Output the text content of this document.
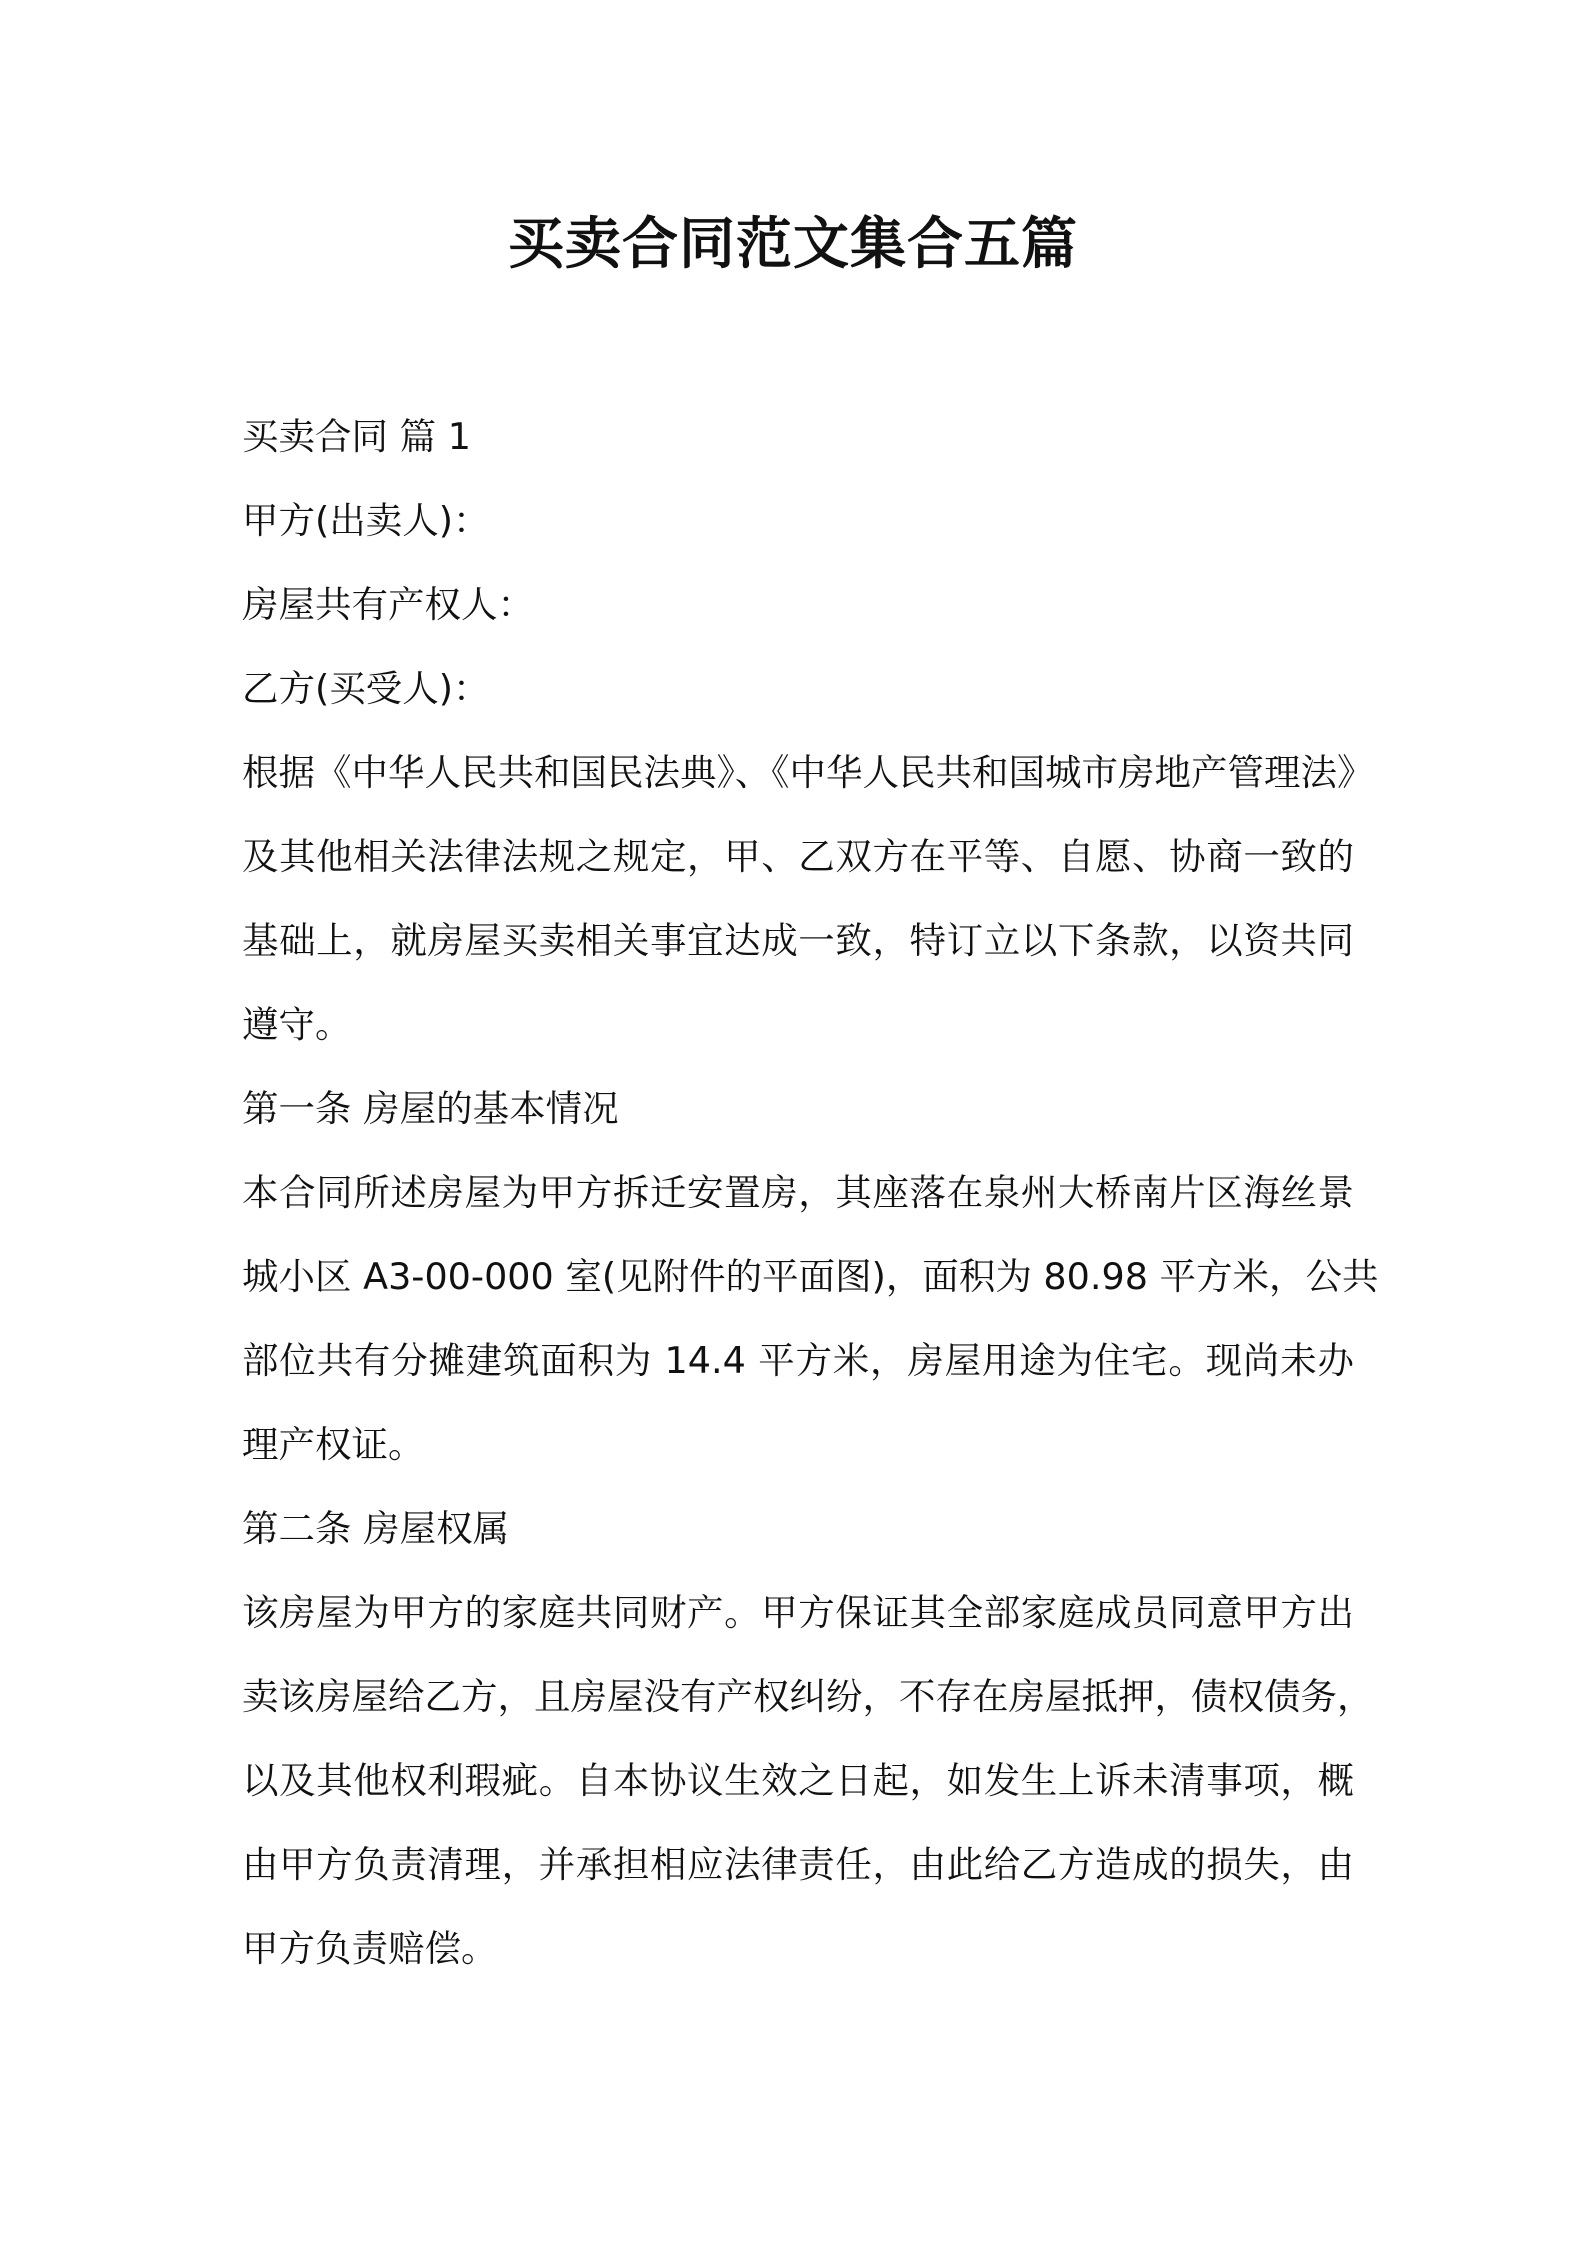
买卖合同范文集合五篇

买卖合同 篇 1

甲方(出卖人)：

房屋共有产权人：

乙方(买受人)：

根据《中华人民共和国民法典》、《中华人民共和国城市房地产管理法》
及其他相关法律法规之规定，甲、乙双方在平等、自愿、协商一致的
基础上，就房屋买卖相关事宜达成一致，特订立以下条款，以资共同
遵守。

第一条 房屋的基本情况

本合同所述房屋为甲方拆迁安置房，其座落在泉州大桥南片区海丝景
城小区 A3-00-000 室(见附件的平面图)，面积为 80.98 平方米，公共
部位共有分摊建筑面积为 14.4 平方米，房屋用途为住宅。现尚未办
理产权证。

第二条 房屋权属

该房屋为甲方的家庭共同财产。甲方保证其全部家庭成员同意甲方出
卖该房屋给乙方，且房屋没有产权纠纷，不存在房屋抵押，债权债务，
以及其他权利瑕疵。自本协议生效之日起，如发生上诉未清事项，概
由甲方负责清理，并承担相应法律责任，由此给乙方造成的损失，由
甲方负责赔偿。
